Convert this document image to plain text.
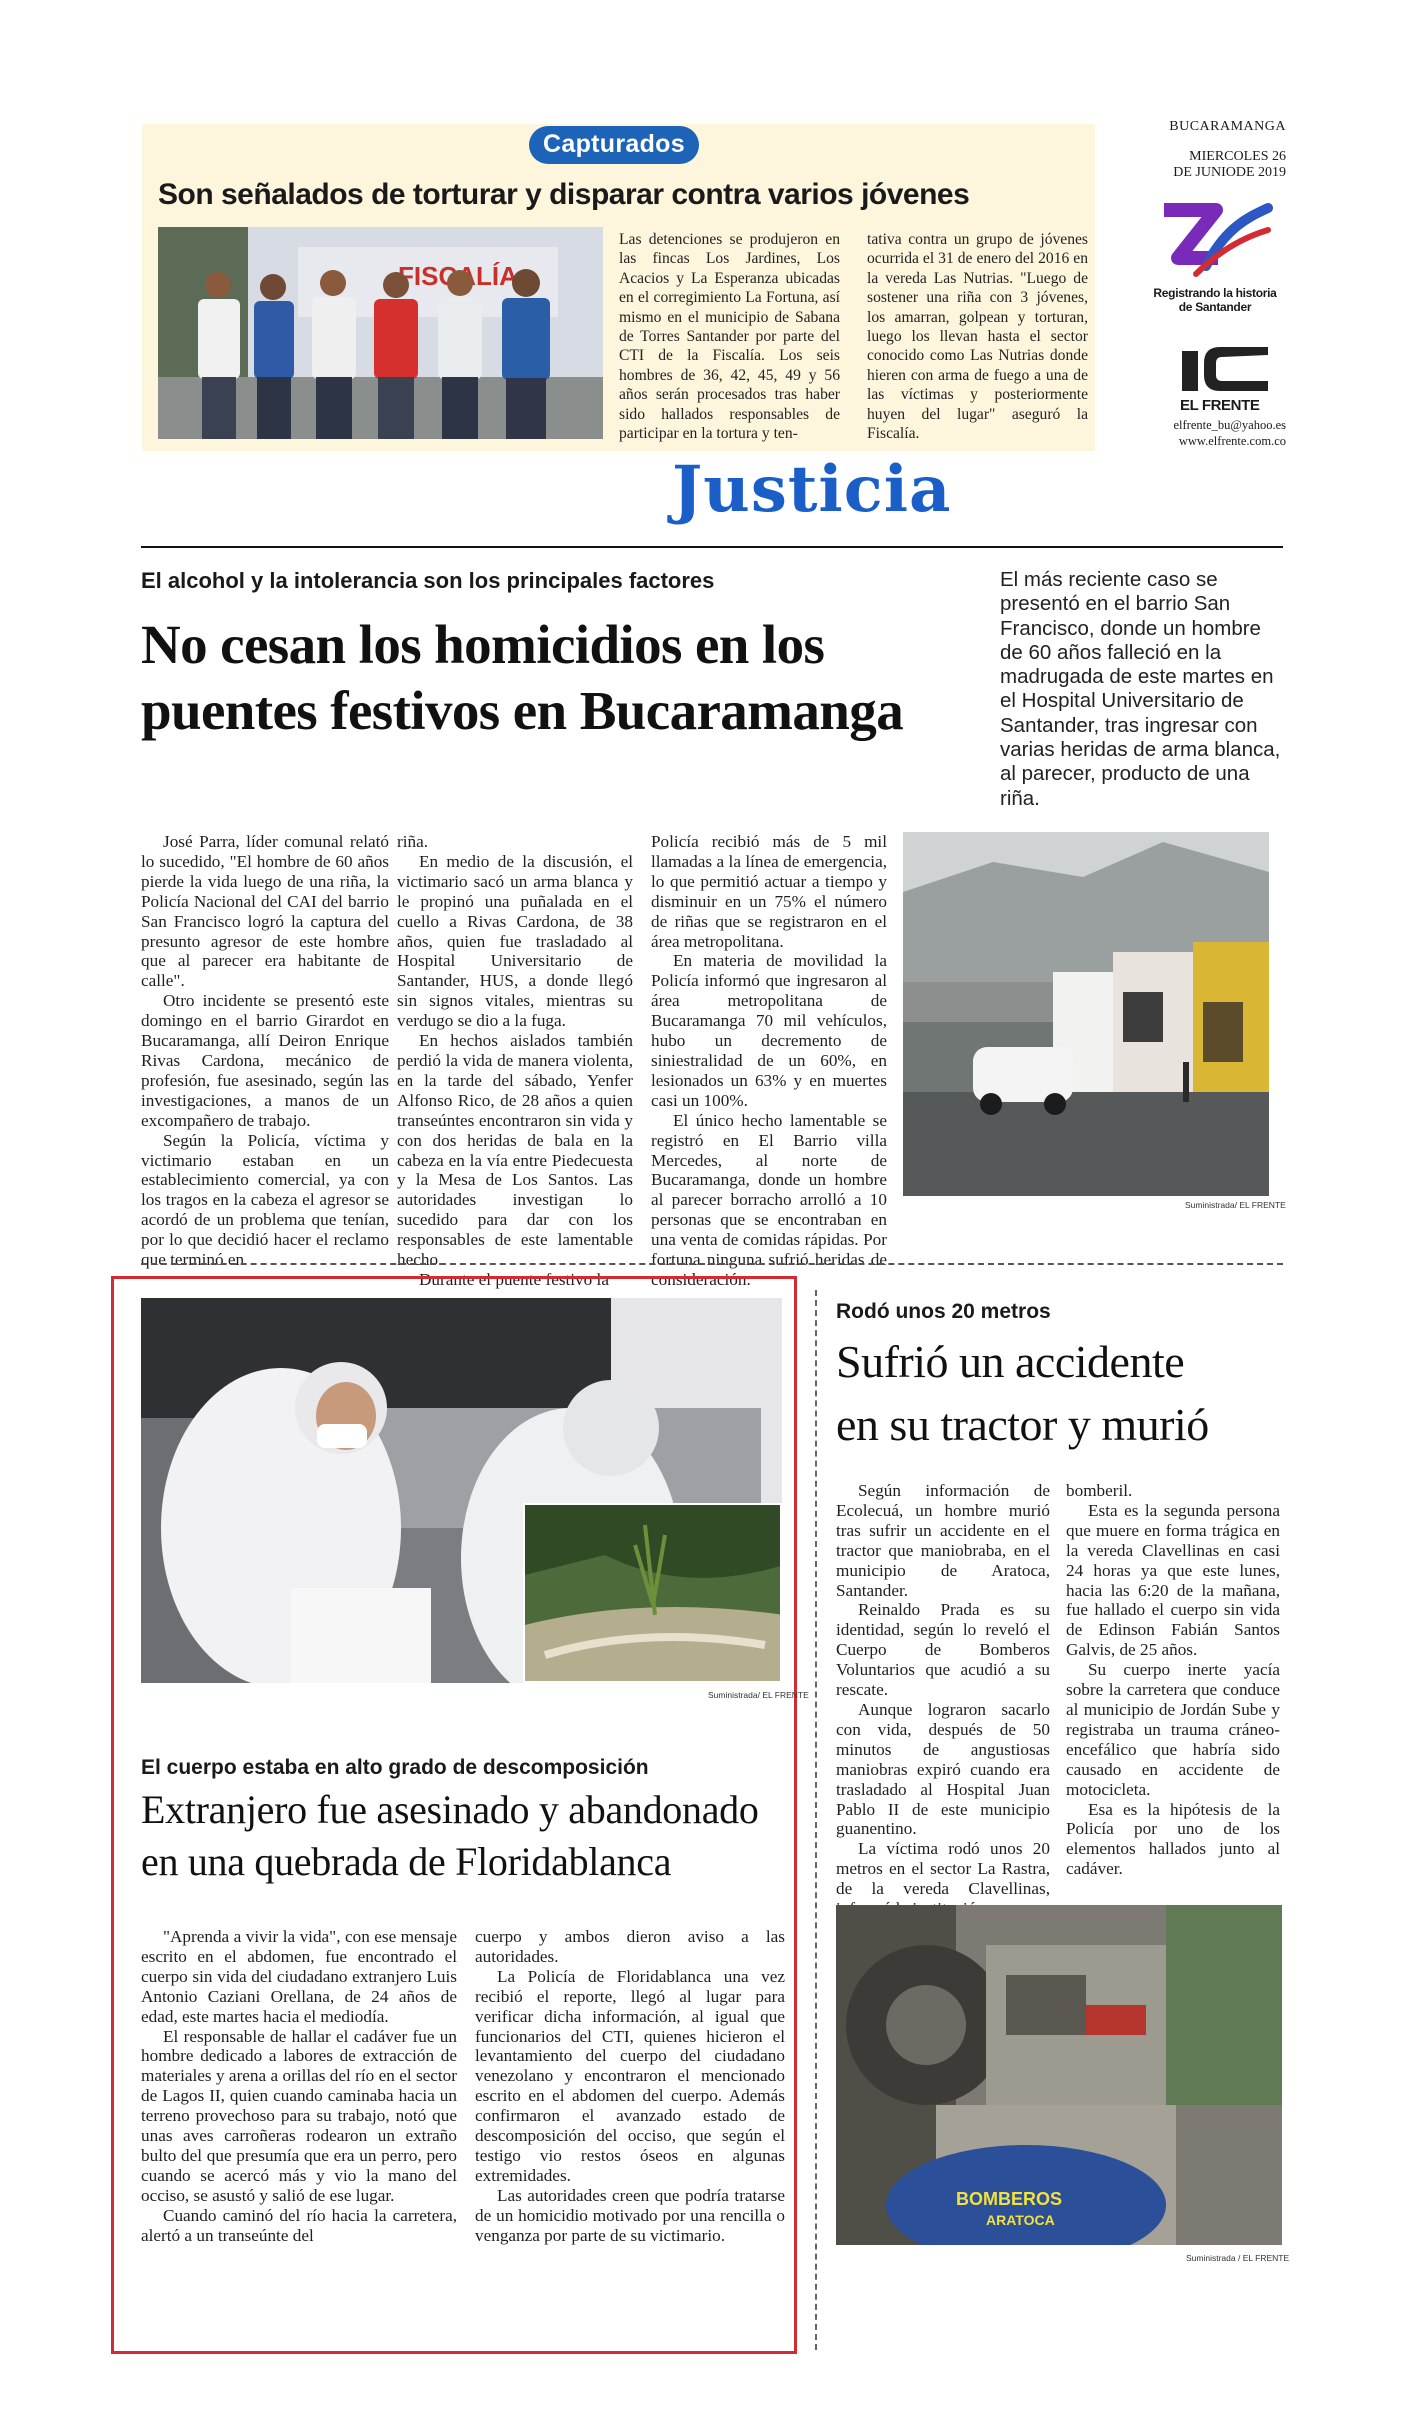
Capturados
Son señalados de torturar y disparar contra varios jóvenes
Las detenciones se produjeron en las fincas Los Jardines, Los Acacios y La Esperanza ubicadas en el corregimiento La Fortuna, así mismo en el municipio de Sabana de Torres Santander por parte del CTI de la Fiscalía. Los seis hombres de 36, 42, 45, 49 y 56 años serán procesados tras haber sido hallados responsables de participar en la tortura y ten-
tativa contra un grupo de jóvenes ocurrida el 31 de enero del 2016 en la vereda Las Nutrias. "Luego de sostener una riña con 3 jóvenes, los amarran, golpean y torturan, luego los llevan hasta el sector conocido como Las Nutrias donde hieren con arma de fuego a una de las víctimas y posteriormente huyen del lugar" aseguró la Fiscalía.
BUCARAMANGA
MIERCOLES 26
DE JUNIODE 2019
Registrando la historia
de Santander
EL FRENTE
elfrente_bu@yahoo.es
www.elfrente.com.co
Justicia
El alcohol y la intolerancia son los principales factores
No cesan los homicidios en los puentes festivos en Bucaramanga
El más reciente caso se presentó en el barrio San Francisco, donde un hombre de 60 años falleció en la madrugada de este martes en el Hospital Universitario de Santander, tras ingresar con varias heridas de arma blanca, al parecer, producto de una riña.

José Parra, líder comunal relató lo sucedido, "El hombre de 60 años pierde la vida luego de una riña, la Policía Nacional del CAI del barrio San Francisco logró la captura del presunto agresor de este hombre que al parecer era habitante de calle".

Otro incidente se presentó este domingo en el barrio Girardot en Bucaramanga, allí Deiron Enrique Rivas Cardona, mecánico de profesión, fue asesinado, según las investigaciones, a manos de un excompañero de trabajo.

Según la Policía, víctima y victimario estaban en un establecimiento comercial, ya con los tragos en la cabeza el agresor se acordó de un problema que tenían, por lo que decidió hacer el reclamo que terminó en

riña.

En medio de la discusión, el victimario sacó un arma blanca y le propinó una puñalada en el cuello a Rivas Cardona, de 38 años, quien fue trasladado al Hospital Universitario de Santander, HUS, a donde llegó sin signos vitales, mientras su verdugo se dio a la fuga.

En hechos aislados también perdió la vida de manera violenta, en la tarde del sábado, Yenfer Alfonso Rico, de 28 años a quien transeúntes encontraron sin vida y con dos heridas de bala en la cabeza en la vía entre Piedecuesta y la Mesa de Los Santos. Las autoridades investigan lo sucedido para dar con los responsables de este lamentable hecho.

Durante el puente festivo la

Policía recibió más de 5 mil llamadas a la línea de emergencia, lo que permitió actuar a tiempo y disminuir en un 75% el número de riñas que se registraron en el área metropolitana.

En materia de movilidad la Policía informó que ingresaron al área metropolitana de Bucaramanga 70 mil vehículos, hubo un decremento de siniestralidad de un 60%, en lesionados un 63% y en muertes casi un 100%.

El único hecho lamentable se registró en El Barrio villa Mercedes, al norte de Bucaramanga, donde un hombre al parecer borracho arrolló a 10 personas que se encontraban en una venta de comidas rápidas. Por fortuna ninguna sufrió heridas de consideración.

Suministrada/ EL FRENTE
Suministrada/ EL FRENTE
El cuerpo estaba en alto grado de descomposición
Extranjero fue asesinado y abandonado
en una quebrada de Floridablanca

"Aprenda a vivir la vida", con ese mensaje escrito en el abdomen, fue encontrado el cuerpo sin vida del ciudadano extranjero Luis Antonio Caziani Orellana, de 24 años de edad, este martes hacia el mediodía.

El responsable de hallar el cadáver fue un hombre dedicado a labores de extracción de materiales y arena a orillas del río en el sector de Lagos II, quien cuando caminaba hacia un terreno provechoso para su trabajo, notó que unas aves carroñeras rodearon un extraño bulto del que presumía que era un perro, pero cuando se acercó más y vio la mano del occiso, se asustó y salió de ese lugar.

Cuando caminó del río hacia la carretera, alertó a un transeúnte del

cuerpo y ambos dieron aviso a las autoridades.

La Policía de Floridablanca una vez recibió el reporte, llegó al lugar para verificar dicha información, al igual que funcionarios del CTI, quienes hicieron el levantamiento del cuerpo del ciudadano venezolano y encontraron el mencionado escrito en el abdomen del cuerpo. Además confirmaron el avanzado estado de descomposición del occiso, que según el testigo vio restos óseos en algunas extremidades.

Las autoridades creen que podría tratarse de un homicidio motivado por una rencilla o venganza por parte de su victimario.

Rodó unos 20 metros
Sufrió un accidente
en su tractor y murió

Según información de Ecolecuá, un hombre murió tras sufrir un accidente en el tractor que maniobraba, en el municipio de Aratoca, Santander.

Reinaldo Prada es su identidad, según lo reveló el Cuerpo de Bomberos Voluntarios que acudió a su rescate.

Aunque lograron sacarlo con vida, después de 50 minutos de angustiosas maniobras expiró cuando era trasladado al Hospital Juan Pablo II de este municipio guanentino.

La víctima rodó unos 20 metros en el sector La Rastra, de la vereda Clavellinas,

bomberil.

Esta es la segunda persona que muere en forma trágica en la vereda Clavellinas en casi 24 horas ya que este lunes, hacia las 6:20 de la mañana, fue hallado el cuerpo sin vida de Edinson Fabián Santos Galvis, de 25 años.

Su cuerpo inerte yacía sobre la carretera que conduce al municipio de Jordán Sube y registraba un trauma cráneo-encefálico que habría sido causado en accidente de motocicleta.

Esa es la hipótesis de la Policía por uno de los elementos hallados junto al cadáver.

BOMBEROS
ARATOCA
Suministrada / EL FRENTE
